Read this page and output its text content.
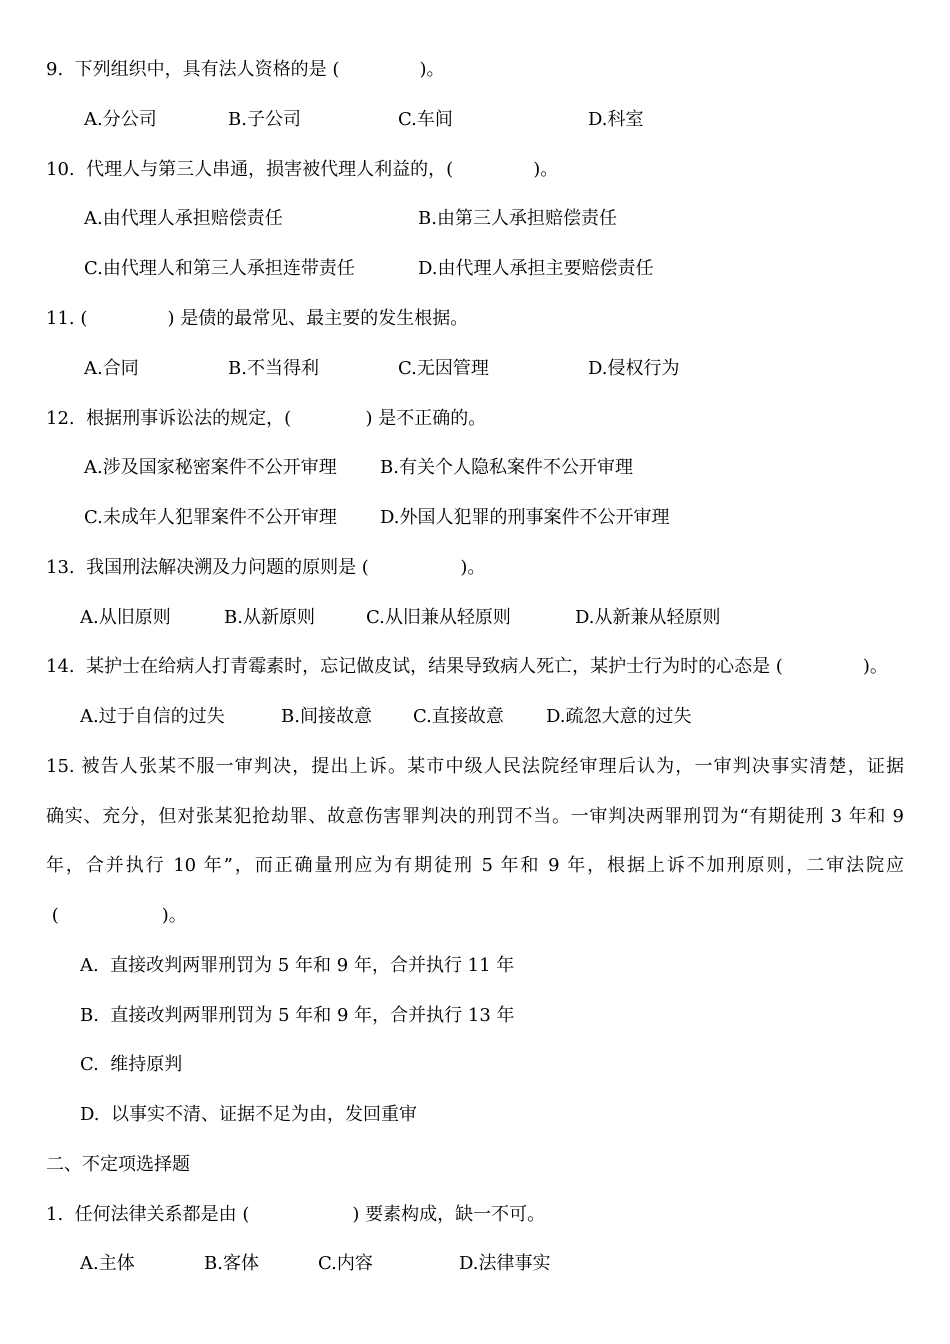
9.  下列组织中，具有法人资格的是 (              )。
A.分公司	B.子公司	C.车间	D.科室
10.  代理人与第三人串通，损害被代理人利益的，(              )。
A.由代理人承担赔偿责任	B.由第三人承担赔偿责任
C.由代理人和第三人承担连带责任	D.由代理人承担主要赔偿责任
11. (              ) 是债的最常见、最主要的发生根据。
A.合同	B.不当得利	C.无因管理	D.侵权行为
12.  根据刑事诉讼法的规定，(             ) 是不正确的。
A.涉及国家秘密案件不公开审理 B.有关个人隐私案件不公开审理
C.未成年人犯罪案件不公开审理 D.外国人犯罪的刑事案件不公开审理
13.  我国刑法解决溯及力问题的原则是 (                )。
A.从旧原则	B.从新原则	C.从旧兼从轻原则	D.从新兼从轻原则
14.  某护士在给病人打青霉素时，忘记做皮试，结果导致病人死亡，某护士行为时的心态是 (              )。
A.过于自信的过失	B.间接故意 C.直接故意 D.疏忽大意的过失
15. 被告人张某不服一审判决，提出上诉。某市中级人民法院经审理后认为，一审判决事实清楚，证据
确实、充分，但对张某犯抢劫罪、故意伤害罪判决的刑罚不当。一审判决两罪刑罚为“有期徒刑 3 年和 9
年，合并执行 10 年”，而正确量刑应为有期徒刑 5 年和 9 年，根据上诉不加刑原则，二审法院应
(                  )。
A.  直接改判两罪刑罚为 5 年和 9 年，合并执行 11 年
B.  直接改判两罪刑罚为 5 年和 9 年，合并执行 13 年
C.  维持原判
D.  以事实不清、证据不足为由，发回重审
二、不定项选择题
1.  任何法律关系都是由 (                  ) 要素构成，缺一不可。
A.主体	B.客体	C.内容	D.法律事实
